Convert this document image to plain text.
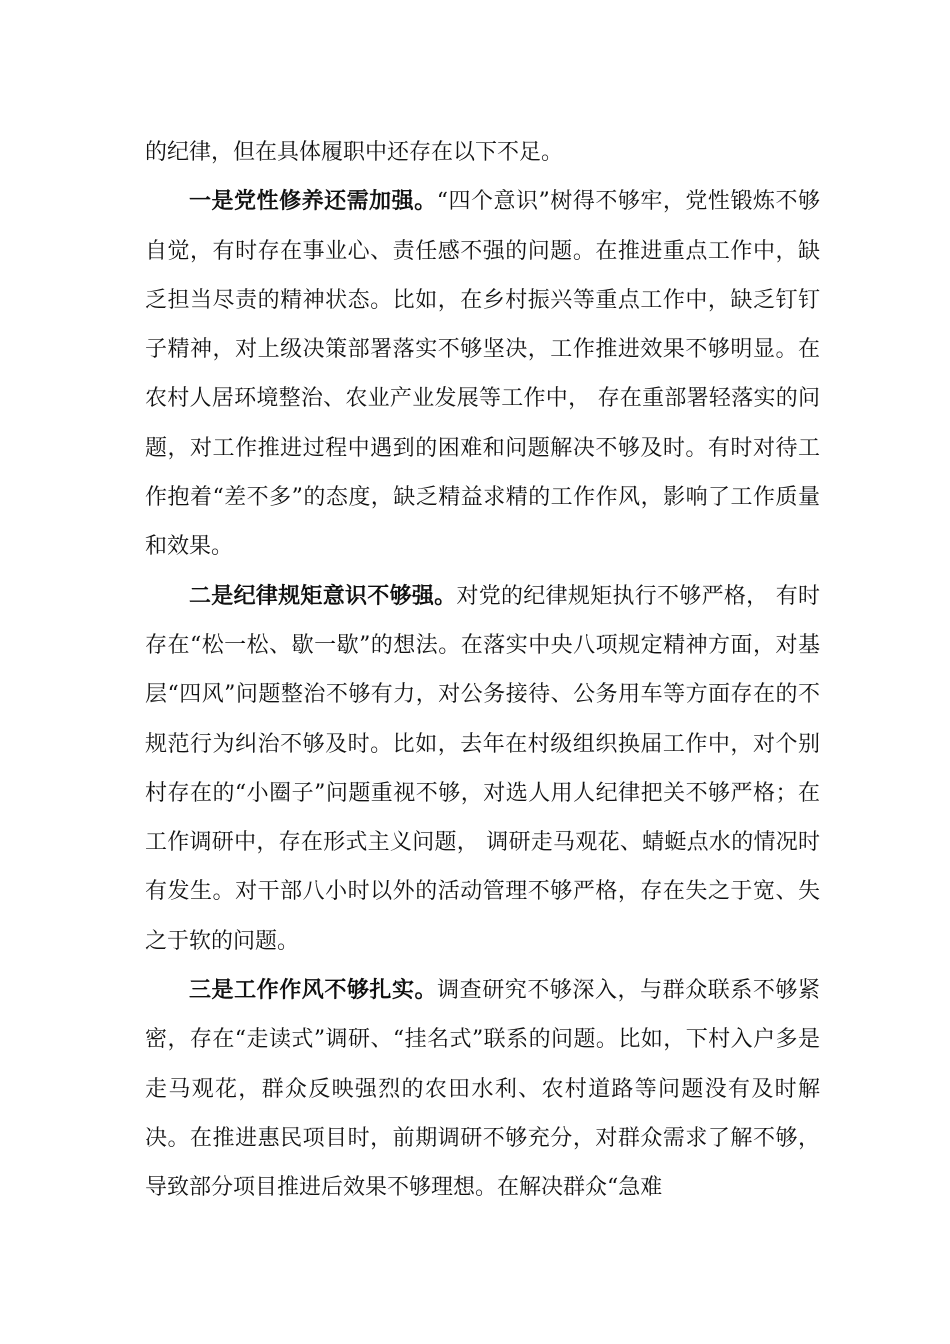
的纪律，但在具体履职中还存在以下不足。

一是党性修养还需加强。“四个意识”树得不够牢，党性锻炼不够自觉，有时存在事业心、责任感不强的问题。在推进重点工作中，缺乏担当尽责的精神状态。比如，在乡村振兴等重点工作中，缺乏钉钉子精神，对上级决策部署落实不够坚决，工作推进效果不够明显。在农村人居环境整治、农业产业发展等工作中， 存在重部署轻落实的问题，对工作推进过程中遇到的困难和问题解决不够及时。有时对待工作抱着“差不多”的态度，缺乏精益求精的工作作风，影响了工作质量和效果。

二是纪律规矩意识不够强。对党的纪律规矩执行不够严格， 有时存在“松一松、歇一歇”的想法。在落实中央八项规定精神方面，对基层“四风”问题整治不够有力，对公务接待、公务用车等方面存在的不规范行为纠治不够及时。比如，去年在村级组织换届工作中，对个别村存在的“小圈子”问题重视不够，对选人用人纪律把关不够严格；在工作调研中，存在形式主义问题， 调研走马观花、蜻蜓点水的情况时有发生。对干部八小时以外的活动管理不够严格，存在失之于宽、失之于软的问题。

三是工作作风不够扎实。调查研究不够深入，与群众联系不够紧密，存在“走读式”调研、“挂名式”联系的问题。比如，下村入户多是走马观花，群众反映强烈的农田水利、农村道路等问题没有及时解决。在推进惠民项目时，前期调研不够充分，对群众需求了解不够，导致部分项目推进后效果不够理想。在解决群众“急难
